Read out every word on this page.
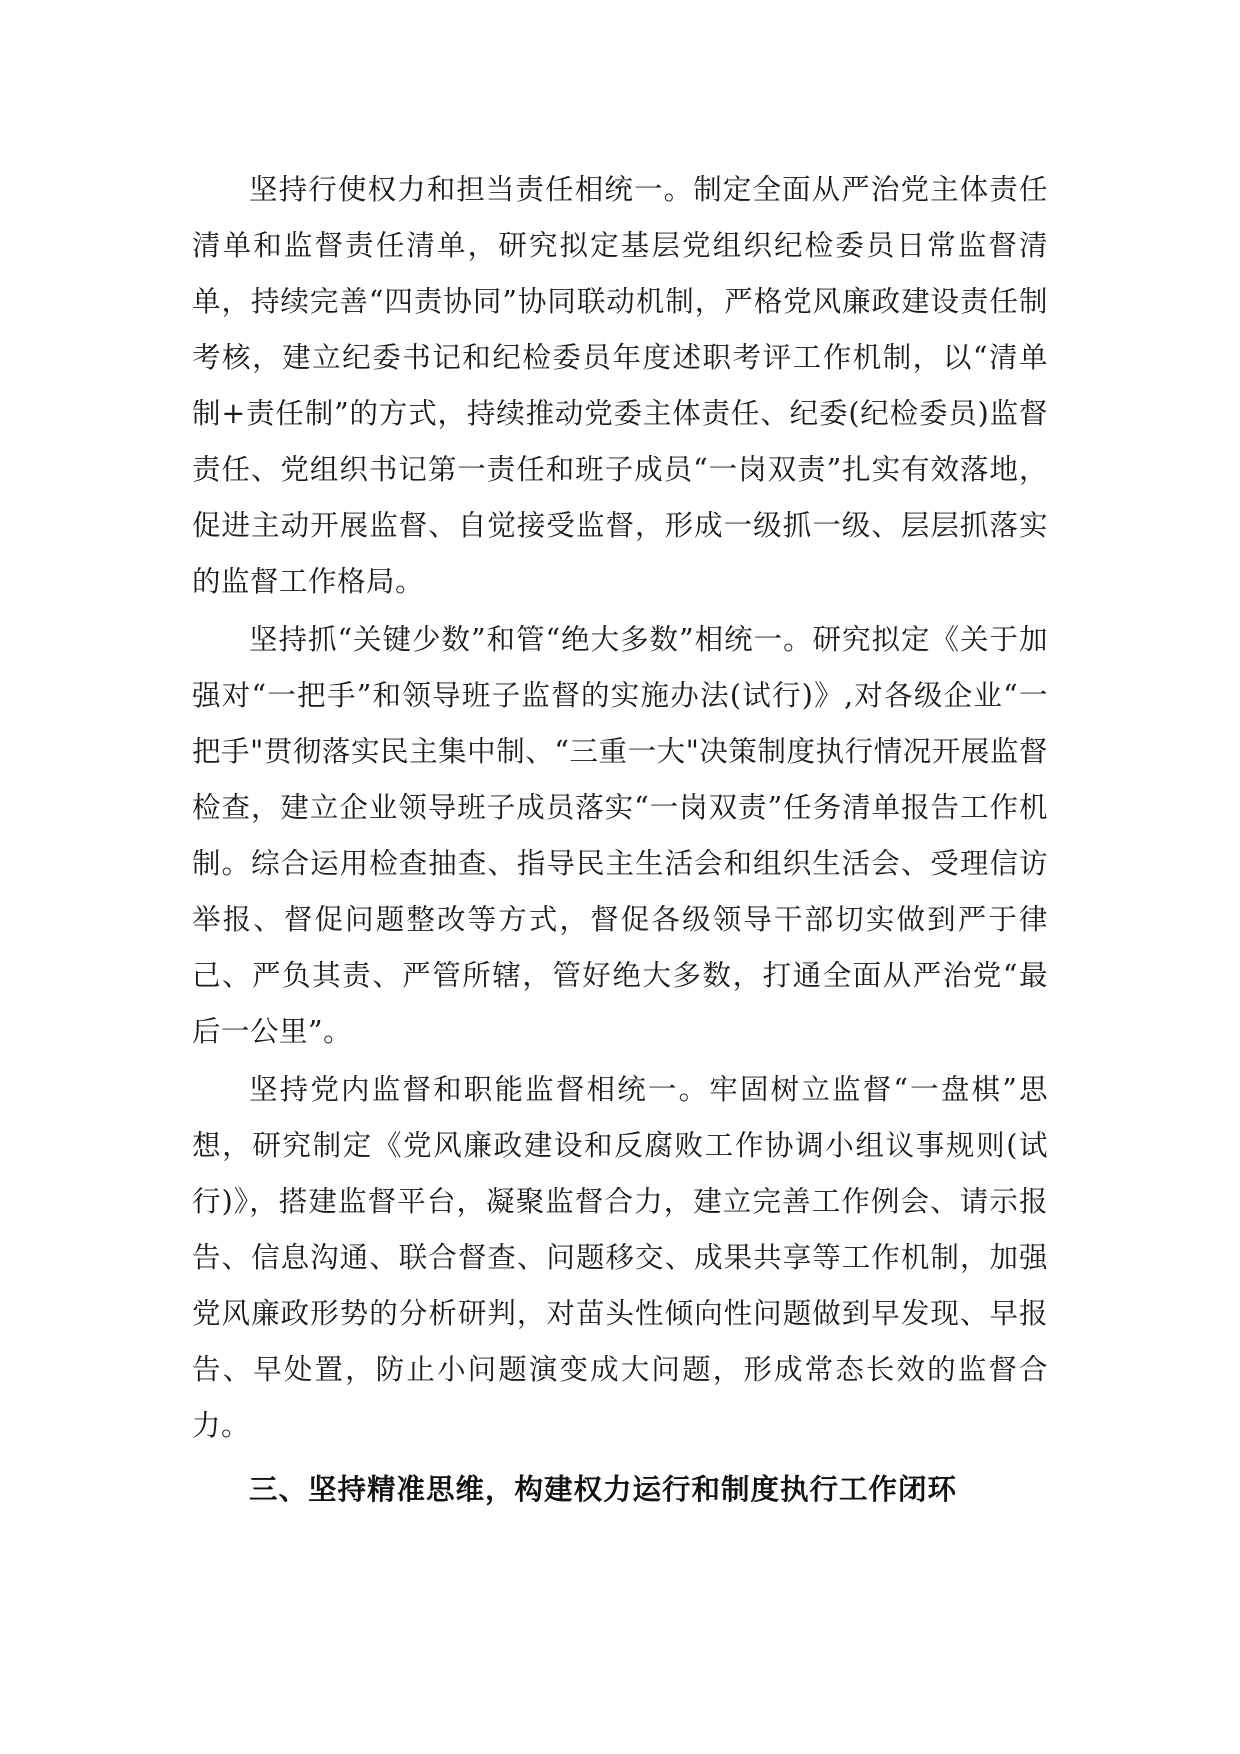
坚持行使权力和担当责任相统一。制定全面从严治党主体责任清单和监督责任清单，研究拟定基层党组织纪检委员日常监督清单，持续完善“四责协同”协同联动机制，严格党风廉政建设责任制考核，建立纪委书记和纪检委员年度述职考评工作机制，以“清单制+责任制”的方式，持续推动党委主体责任、纪委(纪检委员)监督责任、党组织书记第一责任和班子成员“一岗双责”扎实有效落地，促进主动开展监督、自觉接受监督，形成一级抓一级、层层抓落实的监督工作格局。

坚持抓“关键少数”和管“绝大多数”相统一。研究拟定《关于加强对“一把手”和领导班子监督的实施办法(试行)》,对各级企业“一把手"贯彻落实民主集中制、“三重一大"决策制度执行情况开展监督检查，建立企业领导班子成员落实“一岗双责”任务清单报告工作机制。综合运用检查抽查、指导民主生活会和组织生活会、受理信访举报、督促问题整改等方式，督促各级领导干部切实做到严于律己、严负其责、严管所辖，管好绝大多数，打通全面从严治党“最后一公里”。

坚持党内监督和职能监督相统一。牢固树立监督“一盘棋”思想，研究制定《党风廉政建设和反腐败工作协调小组议事规则(试行)》，搭建监督平台，凝聚监督合力，建立完善工作例会、请示报告、信息沟通、联合督查、问题移交、成果共享等工作机制，加强党风廉政形势的分析研判，对苗头性倾向性问题做到早发现、早报告、早处置，防止小问题演变成大问题，形成常态长效的监督合力。

三、坚持精准思维，构建权力运行和制度执行工作闭环
